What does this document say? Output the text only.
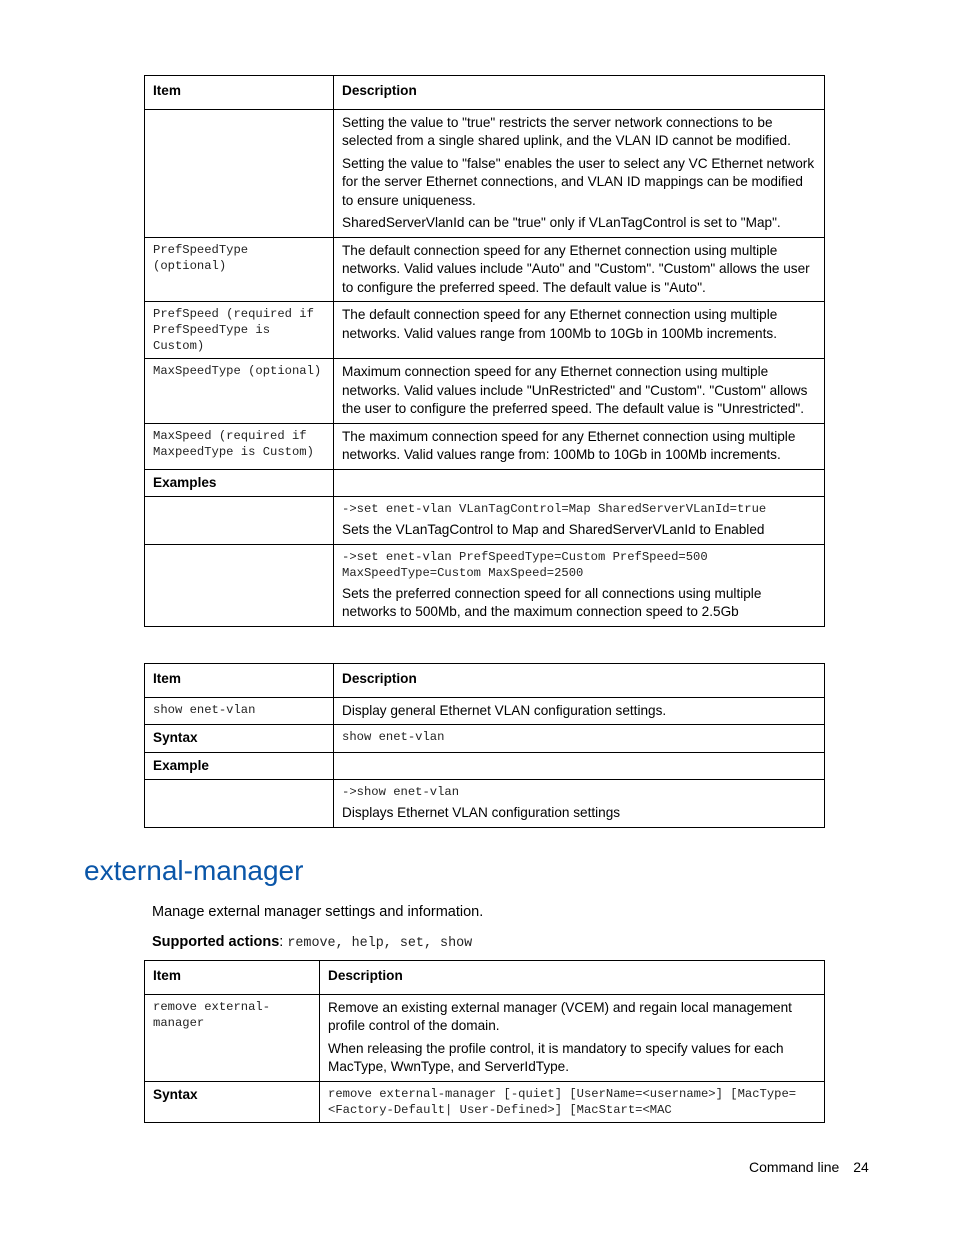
Item	Description

	Setting the value to "true" restricts the server network connections to be selected from a single shared uplink, and the VLAN ID cannot be modified.

Setting the value to "false" enables the user to select any VC Ethernet network for the server Ethernet connections, and VLAN ID mappings can be modified to ensure uniqueness.

SharedServerVlanId can be "true" only if VLanTagControl is set to "Map".

PrefSpeedType (optional)	The default connection speed for any Ethernet connection using multiple networks. Valid values include "Auto" and "Custom". "Custom" allows the user to configure the preferred speed. The default value is "Auto".

PrefSpeed (required if PrefSpeedType is Custom)	The default connection speed for any Ethernet connection using multiple networks. Valid values range from 100Mb to 10Gb in 100Mb increments.

MaxSpeedType (optional)	Maximum connection speed for any Ethernet connection using multiple networks. Valid values include "UnRestricted" and "Custom". "Custom" allows the user to configure the preferred speed. The default value is "Unrestricted".

MaxSpeed (required if MaxpeedType is Custom)	The maximum connection speed for any Ethernet connection using multiple networks. Valid values range from: 100Mb to 10Gb in 100Mb increments.

Examples	

	->set enet-vlan VLanTagControl=Map SharedServerVLanId=true

Sets the VLanTagControl to Map and SharedServerVLanId to Enabled

	->set enet-vlan PrefSpeedType=Custom PrefSpeed=500 MaxSpeedType=Custom MaxSpeed=2500

Sets the preferred connection speed for all connections using multiple networks to 500Mb, and the maximum connection speed to 2.5Gb

Item	Description
show enet-vlan	Display general Ethernet VLAN configuration settings.
Syntax	show enet-vlan
Example	

	->show enet-vlan

Displays Ethernet VLAN configuration settings

external-manager
Manage external manager settings and information.
Supported actions: remove, help, set, show
Item	Description
remove external-manager	Remove an existing external manager (VCEM) and regain local management profile control of the domain.

When releasing the profile control, it is mandatory to specify values for each MacType, WwnType, and ServerIdType.

Syntax	remove external-manager [-quiet] [UserName=<username>] [MacType=<Factory-Default| User-Defined>] [MacStart=<MAC
Command line 24
